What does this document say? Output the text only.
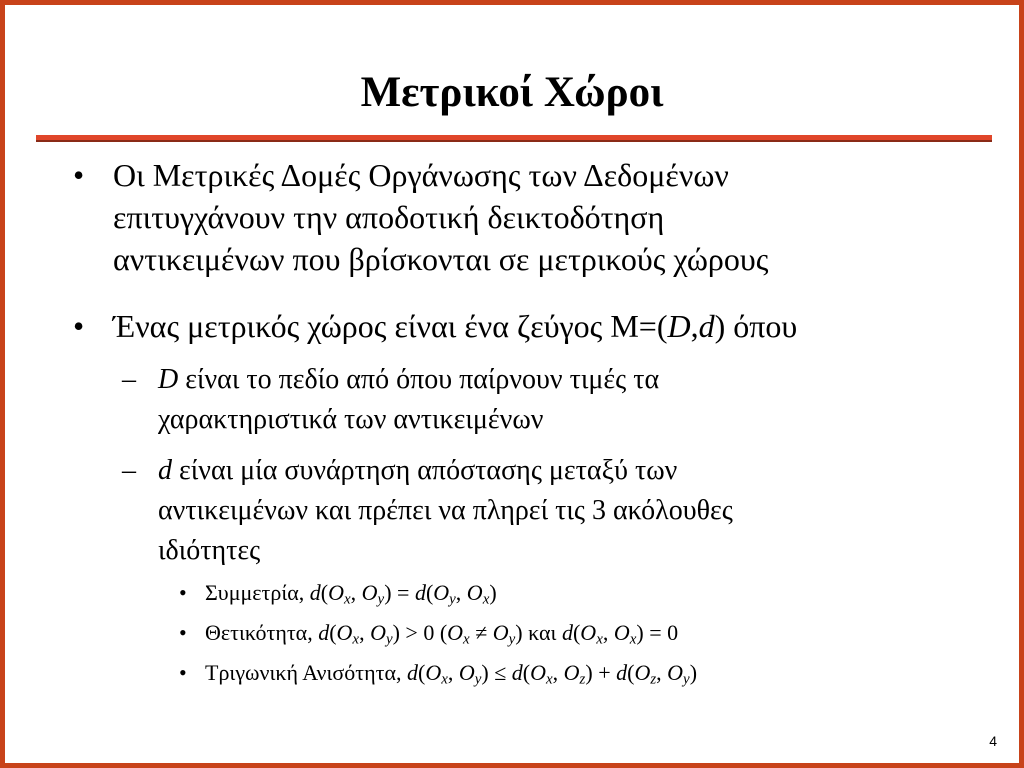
Μετρικοί Χώροι
• Οι Μετρικές Δομές Οργάνωσης των Δεδομένων
επιτυγχάνουν την αποδοτική δεικτοδότηση
αντικειμένων που βρίσκονται σε μετρικούς χώρους
• Ένας μετρικός χώρος είναι ένα ζεύγος Μ=(D,d) όπου
– D είναι το πεδίο από όπου παίρνουν τιμές τα
χαρακτηριστικά των αντικειμένων
– d είναι μία συνάρτηση απόστασης μεταξύ των
αντικειμένων και πρέπει να πληρεί τις 3 ακόλουθες
ιδιότητες
• Συμμετρία, $d(O_x$, $O_y) = d(O_y$, $O_x$)
• Θετικότητα, $d(O_x$, $O_y) > 0$ $(O_x \ne O_y)$ και $d(O_x$, $O_x) = 0$
• Τριγωνική Ανισότητα, $d(O_x$, $O_y) \le d(O_x$, $O_z) + d(O_z$, $O_y$)
4
